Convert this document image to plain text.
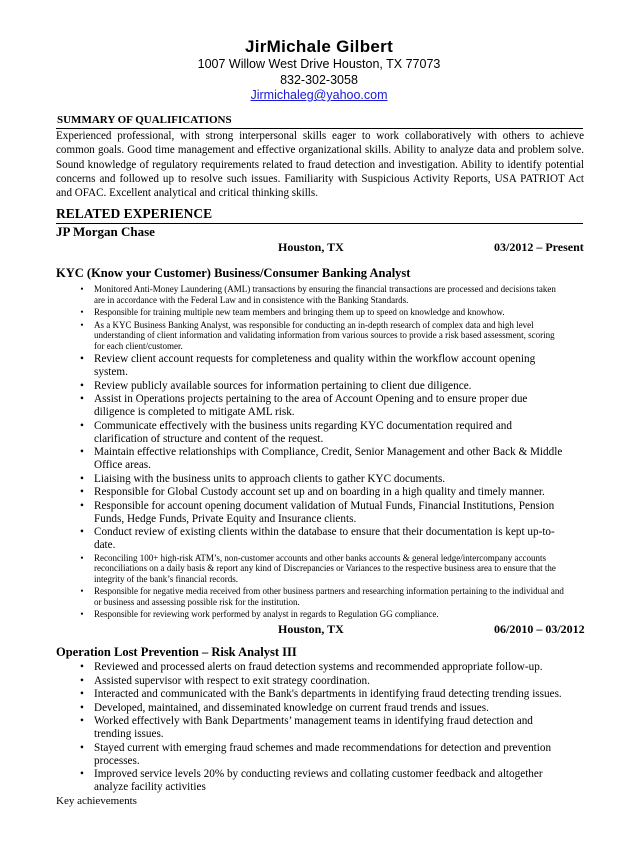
JirMichale Gilbert
1007 Willow West Drive Houston, TX 77073
832-302-3058
Jirmichaleg@yahoo.com
SUMMARY OF QUALIFICATIONS
Experienced professional, with strong interpersonal skills eager to work collaboratively with others to achieve common goals. Good time management and effective organizational skills. Ability to analyze data and problem solve. Sound knowledge of regulatory requirements related to fraud detection and investigation. Ability to identify potential concerns and followed up to resolve such issues. Familiarity with Suspicious Activity Reports, USA PATRIOT Act and OFAC. Excellent analytical and critical thinking skills.
RELATED EXPERIENCE
JP Morgan Chase
Houston, TX	03/2012 – Present
KYC (Know your Customer) Business/Consumer Banking Analyst
•	Monitored Anti-Money Laundering (AML) transactions by ensuring the financial transactions are processed and decisions taken are in accordance with the Federal Law and in consistence with the Banking Standards.
•	Responsible for training multiple new team members and bringing them up to speed on knowledge and knowhow.
•	As a KYC Business Banking Analyst, was responsible for conducting an in-depth research of complex data and high level understanding of client information and validating information from various sources to provide a risk based assessment, scoring for each client/customer.
• Review client account requests for completeness and quality within the workflow account opening system.
• Review publicly available sources for information pertaining to client due diligence.
• Assist in Operations projects pertaining to the area of Account Opening and to ensure proper due diligence is completed to mitigate AML risk.
• Communicate effectively with the business units regarding KYC documentation required and clarification of structure and content of the request.
• Maintain effective relationships with Compliance, Credit, Senior Management and other Back & Middle Office areas.
• Liaising with the business units to approach clients to gather KYC documents.
• Responsible for Global Custody account set up and on boarding in a high quality and timely manner.
• Responsible for account opening document validation of Mutual Funds, Financial Institutions, Pension Funds, Hedge Funds, Private Equity and Insurance clients.
• Conduct review of existing clients within the database to ensure that their documentation is kept up-to-date.
•	Reconciling 100+ high-risk ATM’s, non-customer accounts and other banks accounts & general ledge/intercompany accounts reconciliations on a daily basis & report any kind of Discrepancies or Variances to the respective business area to ensure that the integrity of the bank’s financial records.
•	Responsible for negative media received from other business partners and researching information pertaining to the individual and or business and assessing possible risk for the institution.
•	Responsible for reviewing work performed by analyst in regards to Regulation GG compliance.
Houston, TX	06/2010 – 03/2012
Operation Lost Prevention – Risk Analyst III
• Reviewed and processed alerts on fraud detection systems and recommended appropriate follow-up.
• Assisted supervisor with respect to exit strategy coordination.
• Interacted and communicated with the Bank's departments in identifying fraud detecting trending issues.
• Developed, maintained, and disseminated knowledge on current fraud trends and issues.
• Worked effectively with Bank Departments’ management teams in identifying fraud detection and trending issues.
• Stayed current with emerging fraud schemes and made recommendations for detection and prevention processes.
• Improved service levels 20% by conducting reviews and collating customer feedback and altogether analyze facility activities
Key achievements
